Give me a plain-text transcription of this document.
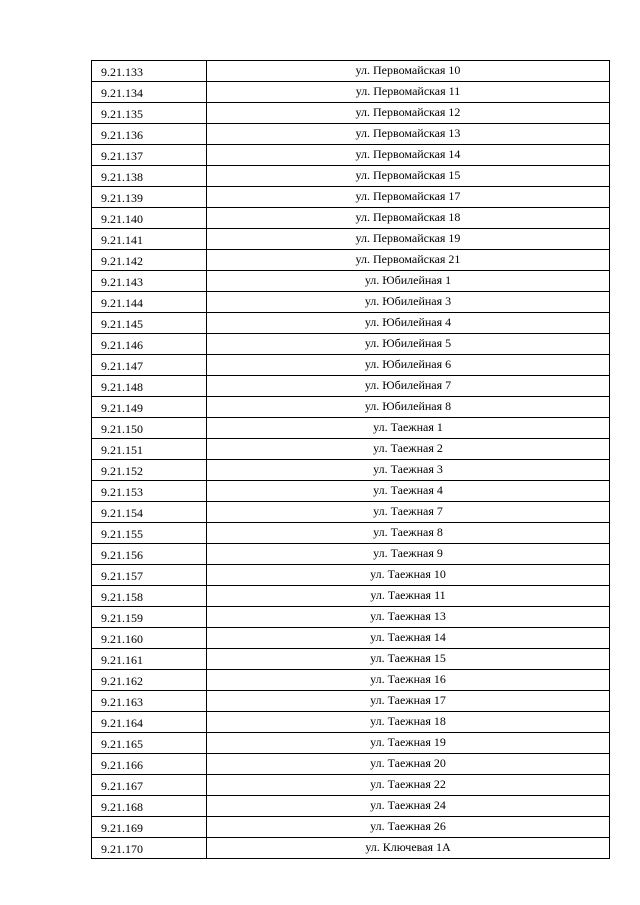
9.21.133	ул. Первомайская 10
9.21.134	ул. Первомайская 11
9.21.135	ул. Первомайская 12
9.21.136	ул. Первомайская 13
9.21.137	ул. Первомайская 14
9.21.138	ул. Первомайская 15
9.21.139	ул. Первомайская 17
9.21.140	ул. Первомайская 18
9.21.141	ул. Первомайская 19
9.21.142	ул. Первомайская 21
9.21.143	ул. Юбилейная 1
9.21.144	ул. Юбилейная 3
9.21.145	ул. Юбилейная 4
9.21.146	ул. Юбилейная 5
9.21.147	ул. Юбилейная 6
9.21.148	ул. Юбилейная 7
9.21.149	ул. Юбилейная 8
9.21.150	ул. Таежная 1
9.21.151	ул. Таежная 2
9.21.152	ул. Таежная 3
9.21.153	ул. Таежная 4
9.21.154	ул. Таежная 7
9.21.155	ул. Таежная 8
9.21.156	ул. Таежная 9
9.21.157	ул. Таежная 10
9.21.158	ул. Таежная 11
9.21.159	ул. Таежная 13
9.21.160	ул. Таежная 14
9.21.161	ул. Таежная 15
9.21.162	ул. Таежная 16
9.21.163	ул. Таежная 17
9.21.164	ул. Таежная 18
9.21.165	ул. Таежная 19
9.21.166	ул. Таежная 20
9.21.167	ул. Таежная 22
9.21.168	ул. Таежная 24
9.21.169	ул. Таежная 26
9.21.170	ул. Ключевая 1А
